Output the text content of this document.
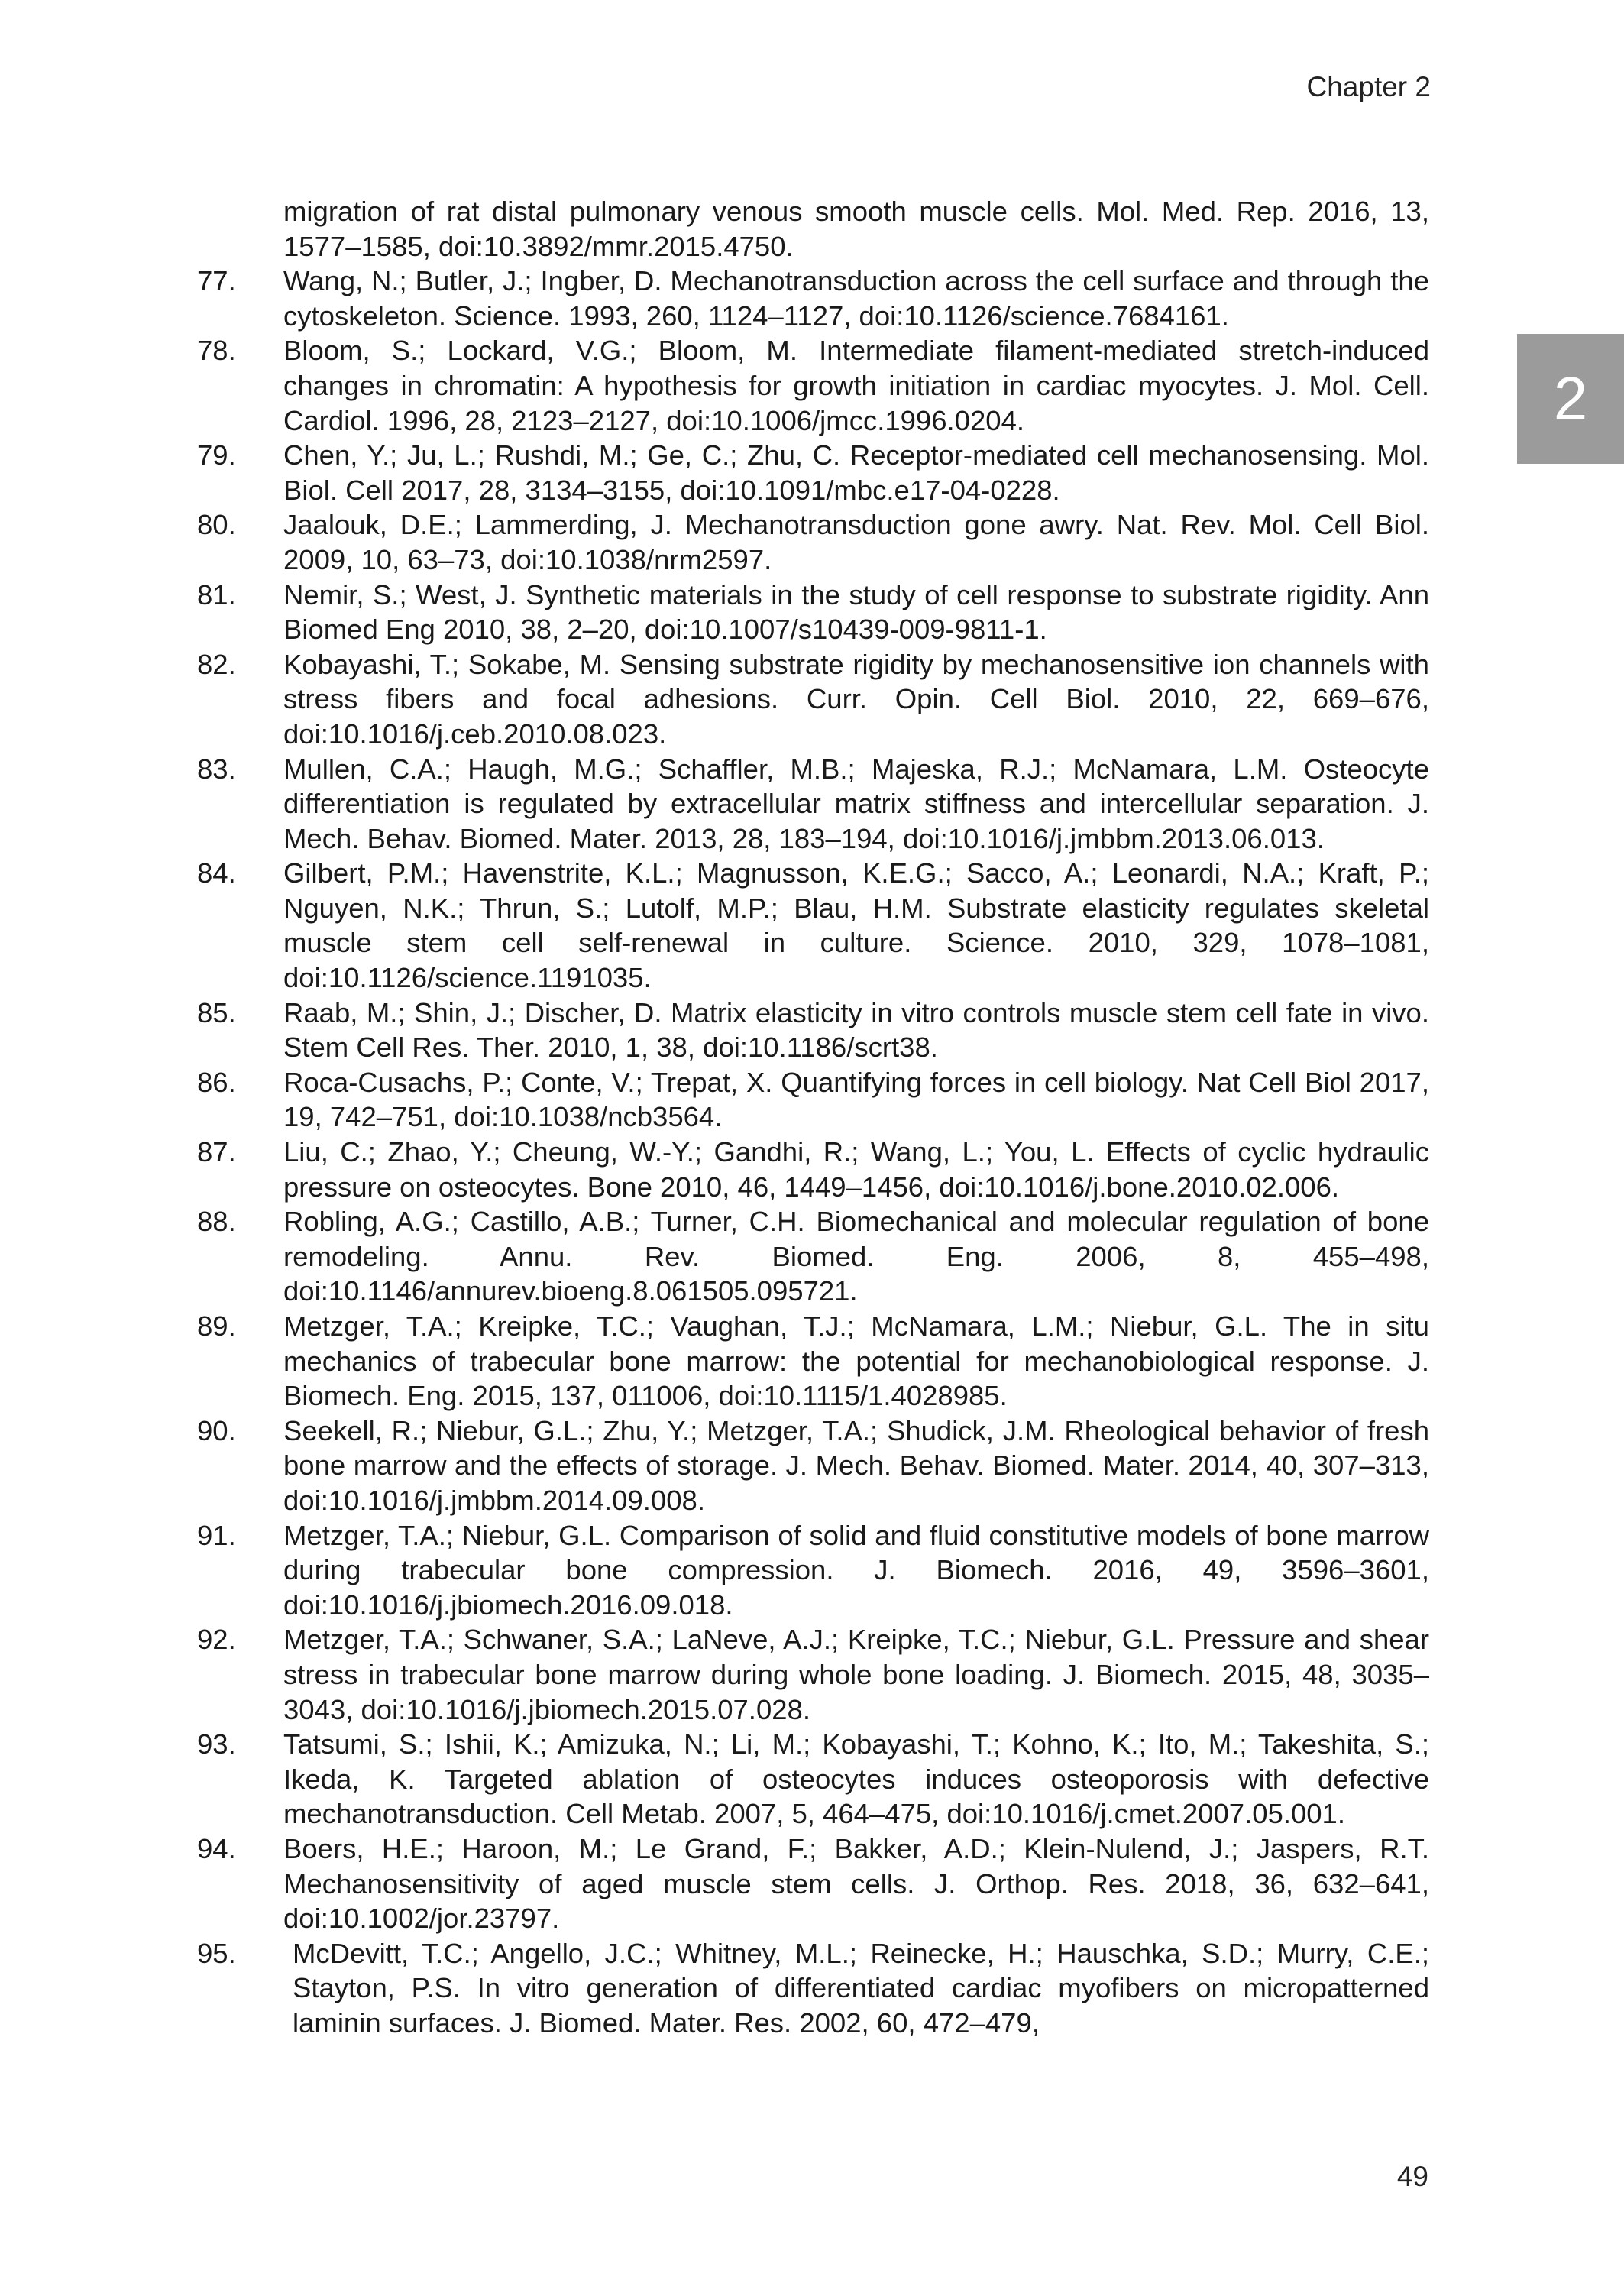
Chapter 2
2
migration of rat distal pulmonary venous smooth muscle cells. Mol. Med. Rep. 2016, 13, 1577–1585, doi:10.3892/mmr.2015.4750.
77.	Wang, N.; Butler, J.; Ingber, D. Mechanotransduction across the cell surface and through the cytoskeleton. Science. 1993, 260, 1124–1127, doi:10.1126/science.7684161.
78.	Bloom, S.; Lockard, V.G.; Bloom, M. Intermediate filament-mediated stretch-induced changes in chromatin: A hypothesis for growth initiation in cardiac myocytes. J. Mol. Cell. Cardiol. 1996, 28, 2123–2127, doi:10.1006/jmcc.1996.0204.
79.	Chen, Y.; Ju, L.; Rushdi, M.; Ge, C.; Zhu, C. Receptor-mediated cell mechanosensing. Mol. Biol. Cell 2017, 28, 3134–3155, doi:10.1091/mbc.e17-04-0228.
80.	Jaalouk, D.E.; Lammerding, J. Mechanotransduction gone awry. Nat. Rev. Mol. Cell Biol. 2009, 10, 63–73, doi:10.1038/nrm2597.
81.	Nemir, S.; West, J. Synthetic materials in the study of cell response to substrate rigidity. Ann Biomed Eng 2010, 38, 2–20, doi:10.1007/s10439-009-9811-1.
82.	Kobayashi, T.; Sokabe, M. Sensing substrate rigidity by mechanosensitive ion channels with stress fibers and focal adhesions. Curr. Opin. Cell Biol. 2010, 22, 669–676, doi:10.1016/j.ceb.2010.08.023.
83.	Mullen, C.A.; Haugh, M.G.; Schaffler, M.B.; Majeska, R.J.; McNamara, L.M. Osteocyte differentiation is regulated by extracellular matrix stiffness and intercellular separation. J. Mech. Behav. Biomed. Mater. 2013, 28, 183–194, doi:10.1016/j.jmbbm.2013.06.013.
84.	Gilbert, P.M.; Havenstrite, K.L.; Magnusson, K.E.G.; Sacco, A.; Leonardi, N.A.; Kraft, P.; Nguyen, N.K.; Thrun, S.; Lutolf, M.P.; Blau, H.M. Substrate elasticity regulates skeletal muscle stem cell self-renewal in culture. Science. 2010, 329, 1078–1081, doi:10.1126/science.1191035.
85.	Raab, M.; Shin, J.; Discher, D. Matrix elasticity in vitro controls muscle stem cell fate in vivo. Stem Cell Res. Ther. 2010, 1, 38, doi:10.1186/scrt38.
86.	Roca-Cusachs, P.; Conte, V.; Trepat, X. Quantifying forces in cell biology. Nat Cell Biol 2017, 19, 742–751, doi:10.1038/ncb3564.
87.	Liu, C.; Zhao, Y.; Cheung, W.-Y.; Gandhi, R.; Wang, L.; You, L. Effects of cyclic hydraulic pressure on osteocytes. Bone 2010, 46, 1449–1456, doi:10.1016/j.bone.2010.02.006.
88.	Robling, A.G.; Castillo, A.B.; Turner, C.H. Biomechanical and molecular regulation of bone remodeling. Annu. Rev. Biomed. Eng. 2006, 8, 455–498, doi:10.1146/annurev.bioeng.8.061505.095721.
89.	Metzger, T.A.; Kreipke, T.C.; Vaughan, T.J.; McNamara, L.M.; Niebur, G.L. The in situ mechanics of trabecular bone marrow: the potential for mechanobiological response. J. Biomech. Eng. 2015, 137, 011006, doi:10.1115/1.4028985.
90.	Seekell, R.; Niebur, G.L.; Zhu, Y.; Metzger, T.A.; Shudick, J.M. Rheological behavior of fresh bone marrow and the effects of storage. J. Mech. Behav. Biomed. Mater. 2014, 40, 307–313, doi:10.1016/j.jmbbm.2014.09.008.
91.	Metzger, T.A.; Niebur, G.L. Comparison of solid and fluid constitutive models of bone marrow during trabecular bone compression. J. Biomech. 2016, 49, 3596–3601, doi:10.1016/j.jbiomech.2016.09.018.
92.	Metzger, T.A.; Schwaner, S.A.; LaNeve, A.J.; Kreipke, T.C.; Niebur, G.L. Pressure and shear stress in trabecular bone marrow during whole bone loading. J. Biomech. 2015, 48, 3035–3043, doi:10.1016/j.jbiomech.2015.07.028.
93.	Tatsumi, S.; Ishii, K.; Amizuka, N.; Li, M.; Kobayashi, T.; Kohno, K.; Ito, M.; Takeshita, S.; Ikeda, K. Targeted ablation of osteocytes induces osteoporosis with defective mechanotransduction. Cell Metab. 2007, 5, 464–475, doi:10.1016/j.cmet.2007.05.001.
94.	Boers, H.E.; Haroon, M.; Le Grand, F.; Bakker, A.D.; Klein-Nulend, J.; Jaspers, R.T. Mechanosensitivity of aged muscle stem cells. J. Orthop. Res. 2018, 36, 632–641, doi:10.1002/jor.23797.
95.	McDevitt, T.C.; Angello, J.C.; Whitney, M.L.; Reinecke, H.; Hauschka, S.D.; Murry, C.E.; Stayton, P.S. In vitro generation of differentiated cardiac myofibers on micropatterned laminin surfaces. J. Biomed. Mater. Res. 2002, 60, 472–479,
49
